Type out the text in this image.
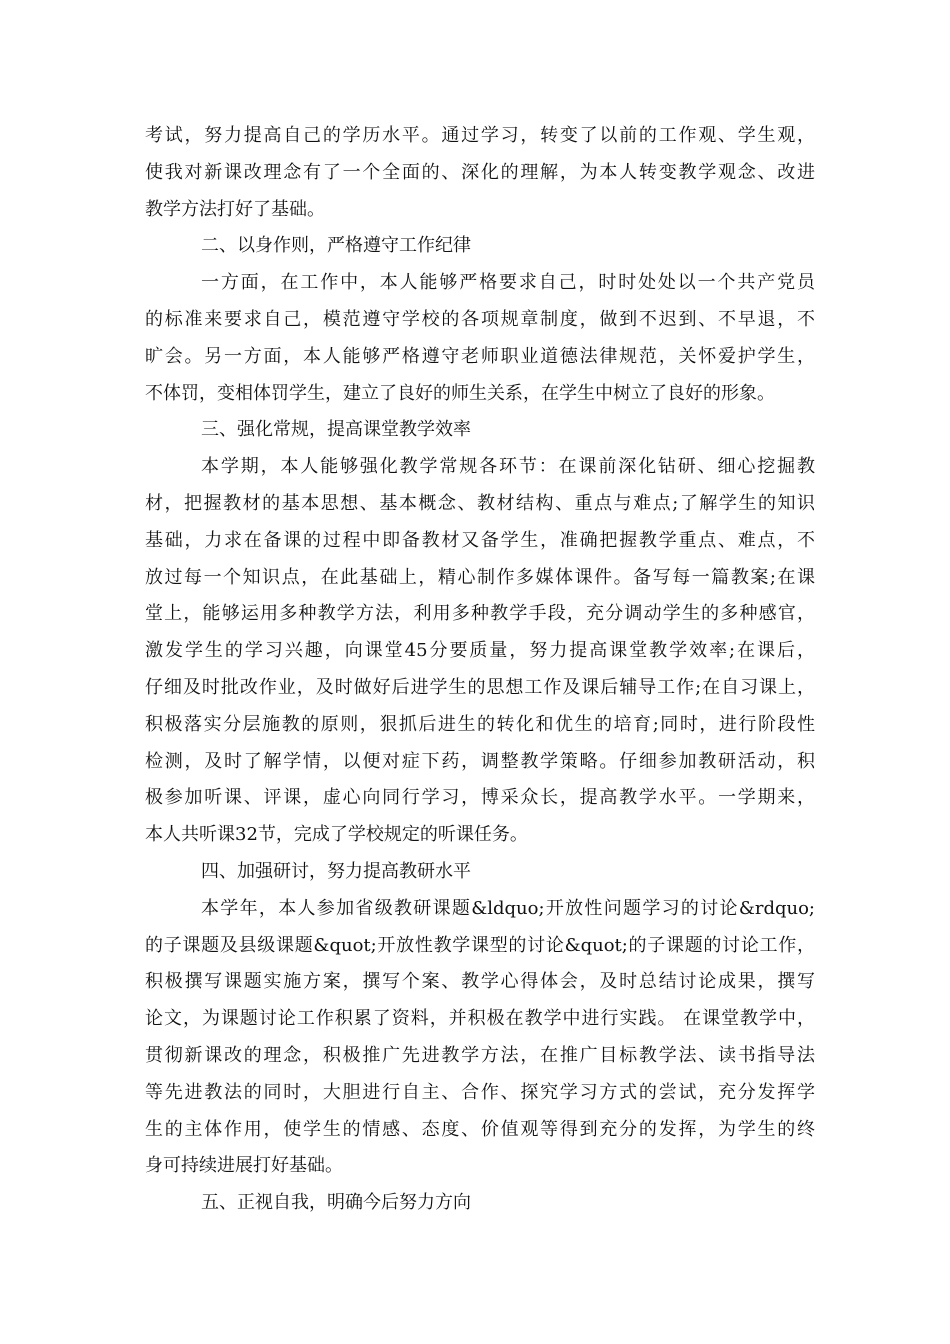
考试，努力提高自己的学历水平。通过学习，转变了以前的工作观、学生观，
使我对新课改理念有了一个全面的、深化的理解，为本人转变教学观念、改进
教学方法打好了基础。
二、以身作则，严格遵守工作纪律
一方面，在工作中，本人能够严格要求自己，时时处处以一个共产党员
的标准来要求自己，模范遵守学校的各项规章制度，做到不迟到、不早退，不
旷会。另一方面，本人能够严格遵守老师职业道德法律规范，关怀爱护学生，
不体罚，变相体罚学生，建立了良好的师生关系，在学生中树立了良好的形象。
三、强化常规，提高课堂教学效率
本学期，本人能够强化教学常规各环节：在课前深化钻研、细心挖掘教
材，把握教材的基本思想、基本概念、教材结构、重点与难点;了解学生的知识
基础，力求在备课的过程中即备教材又备学生，准确把握教学重点、难点，不
放过每一个知识点，在此基础上，精心制作多媒体课件。备写每一篇教案;在课
堂上，能够运用多种教学方法，利用多种教学手段，充分调动学生的多种感官，
激发学生的学习兴趣，向课堂45分要质量，努力提高课堂教学效率;在课后，
仔细及时批改作业，及时做好后进学生的思想工作及课后辅导工作;在自习课上，
积极落实分层施教的原则，狠抓后进生的转化和优生的培育;同时，进行阶段性
检测，及时了解学情，以便对症下药，调整教学策略。仔细参加教研活动，积
极参加听课、评课，虚心向同行学习，博采众长，提高教学水平。一学期来，
本人共听课32节，完成了学校规定的听课任务。
四、加强研讨，努力提高教研水平
本学年，本人参加省级教研课题&ldquo;开放性问题学习的讨论&rdquo;
的子课题及县级课题&quot;开放性教学课型的讨论&quot;的子课题的讨论工作，
积极撰写课题实施方案，撰写个案、教学心得体会，及时总结讨论成果，撰写
论文，为课题讨论工作积累了资料，并积极在教学中进行实践。 在课堂教学中，
贯彻新课改的理念，积极推广先进教学方法，在推广目标教学法、读书指导法
等先进教法的同时，大胆进行自主、合作、探究学习方式的尝试，充分发挥学
生的主体作用，使学生的情感、态度、价值观等得到充分的发挥，为学生的终
身可持续进展打好基础。
五、正视自我，明确今后努力方向
